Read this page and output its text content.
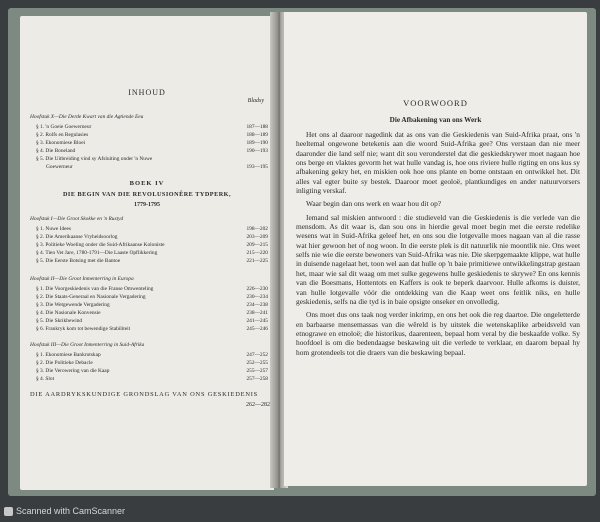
INHOUD
Bladsy
Hoofstuk X—Die Derde Kwart van die Agtiende Eeu
§ 1. 'n Goeie Goewerneur	187—188
§ 2. Rolfs en Regulasies	188—189
§ 3. Ekonomiese Bloei	189—190
§ 4. Die Boneland	190—193
§ 5. Die Uitbreiding vind sy Afsluiting onder 'n Nuwe
Goewerneur	193—195
BOEK IV
DIE BEGIN VAN DIE REVOLUSIONÊRE TYDPERK,
1779-1795
Hoofstuk I—Die Groot Skokke en 'n Rustyd
§ 1. Nuwe Idees	198—202
§ 2. Die Amerikaanse Vryheidsoorlog	203—209
§ 3. Politieke Woeling onder die Suid-Afrikaanse Koloniste	209—215
§ 4. Tien Vet Jare, 1780-1791—Die Laaste Opflikkering	215—220
§ 5. Die Eerste Botsing met die Bantoe	221—225
Hoofstuk II—Die Groot Inmenterring in Europa
§ 1. Die Voorgeskiedenis van die Franse Omwenteling	226—230
§ 2. Die Staats-Generaal en Nasionale Vergadering	230—234
§ 3. Die Wetgewende Vergadering	234—238
§ 4. Die Nasionale Konvensie	238—241
§ 5. Die Skrikbewind	241—245
§ 6. Frankryk kom tot bewendige Stabiliteit	245—246
Hoofstuk III—Die Groot Inmenterring in Suid-Afrika
§ 1. Ekonomiese Bankrotskap	247—252
§ 2. Die Politieke Debacle	252—255
§ 3. Die Verowering van die Kaap	255—257
§ 4. Slot	257—258
DIE AARDRYKSKUNDIGE GRONDSLAG VAN ONS GESKIEDENIS
262—282
VOORWOORD
Die Afbakening van ons Werk

Het ons al daaroor nagedink dat as ons van die Geskiedenis van Suid-Afrika praat, ons 'n heeltemal ongewone betekenis aan die woord Suid-Afrika gee? Ons verstaan dan nie meer daaronder die land self nie; want dit sou veronderstel dat die geskiedskrywer moet nagaan hoe ons berge en vlaktes gevorm het wat hulle vandag is, hoe ons riviere hulle rigting en ons kus sy afbakening gekry het, en miskien ook hoe ons plante en bome ontstaan en ontwikkel het. Dit alles val egter buite sy bestek. Daaroor moet geoloë, plantkundiges en ander natuurvorsers inligting verskaf.

Waar begin dan ons werk en waar hou dit op?

Iemand sal miskien antwoord : die studieveld van die Geskiedenis is die verlede van die mensdom. As dit waar is, dan sou ons in hierdie geval moet begin met die eerste redelike wesens wat in Suid-Afrika geleef het, en ons sou die lotgevalle moes nagaan van al die rasse wat hier gewoon het of nog woon. In die eerste plek is dit natuurlik nie moontlik nie. Ons weet selfs nie wie die eerste bewoners van Suid-Afrika was nie. Die skerpgemaakte klippe, wat hulle in duisende nagelaat het, toon wel aan dat hulle op 'n baie primitiewe ontwikkelingstrap gestaan het, maar wie sal dit waag om met sulke gegewens hulle geskiedenis te skrywe? En ons kennis van die Boesmans, Hottentots en Kaffers is ook te beperk daarvoor. Hulle afkoms is duister, van hulle lotgevalle vóór die ontdekking van die Kaap weet ons feitlik niks, en hulle geskiedenis, selfs na die tyd is in baie opsigte onseker en onvolledig.

Ons moet dus ons taak nog verder inkrimp, en ons het ook die reg daartoe. Die ongeletterde en barbaarse mensemassas van die wêreld is by uitstek die wetenskaplike arbeidsveld van etnograwe en etnoloë; die historikus, daarenteen, bepaal hom veral by die beskaafde volke. Sy hoofdoel is om die bedendaagse beskawing uit die verlede te verklaar, en daarom bepaal hy hom grotendeels tot die draers van die beskawing bepaal.

Scanned with CamScanner
